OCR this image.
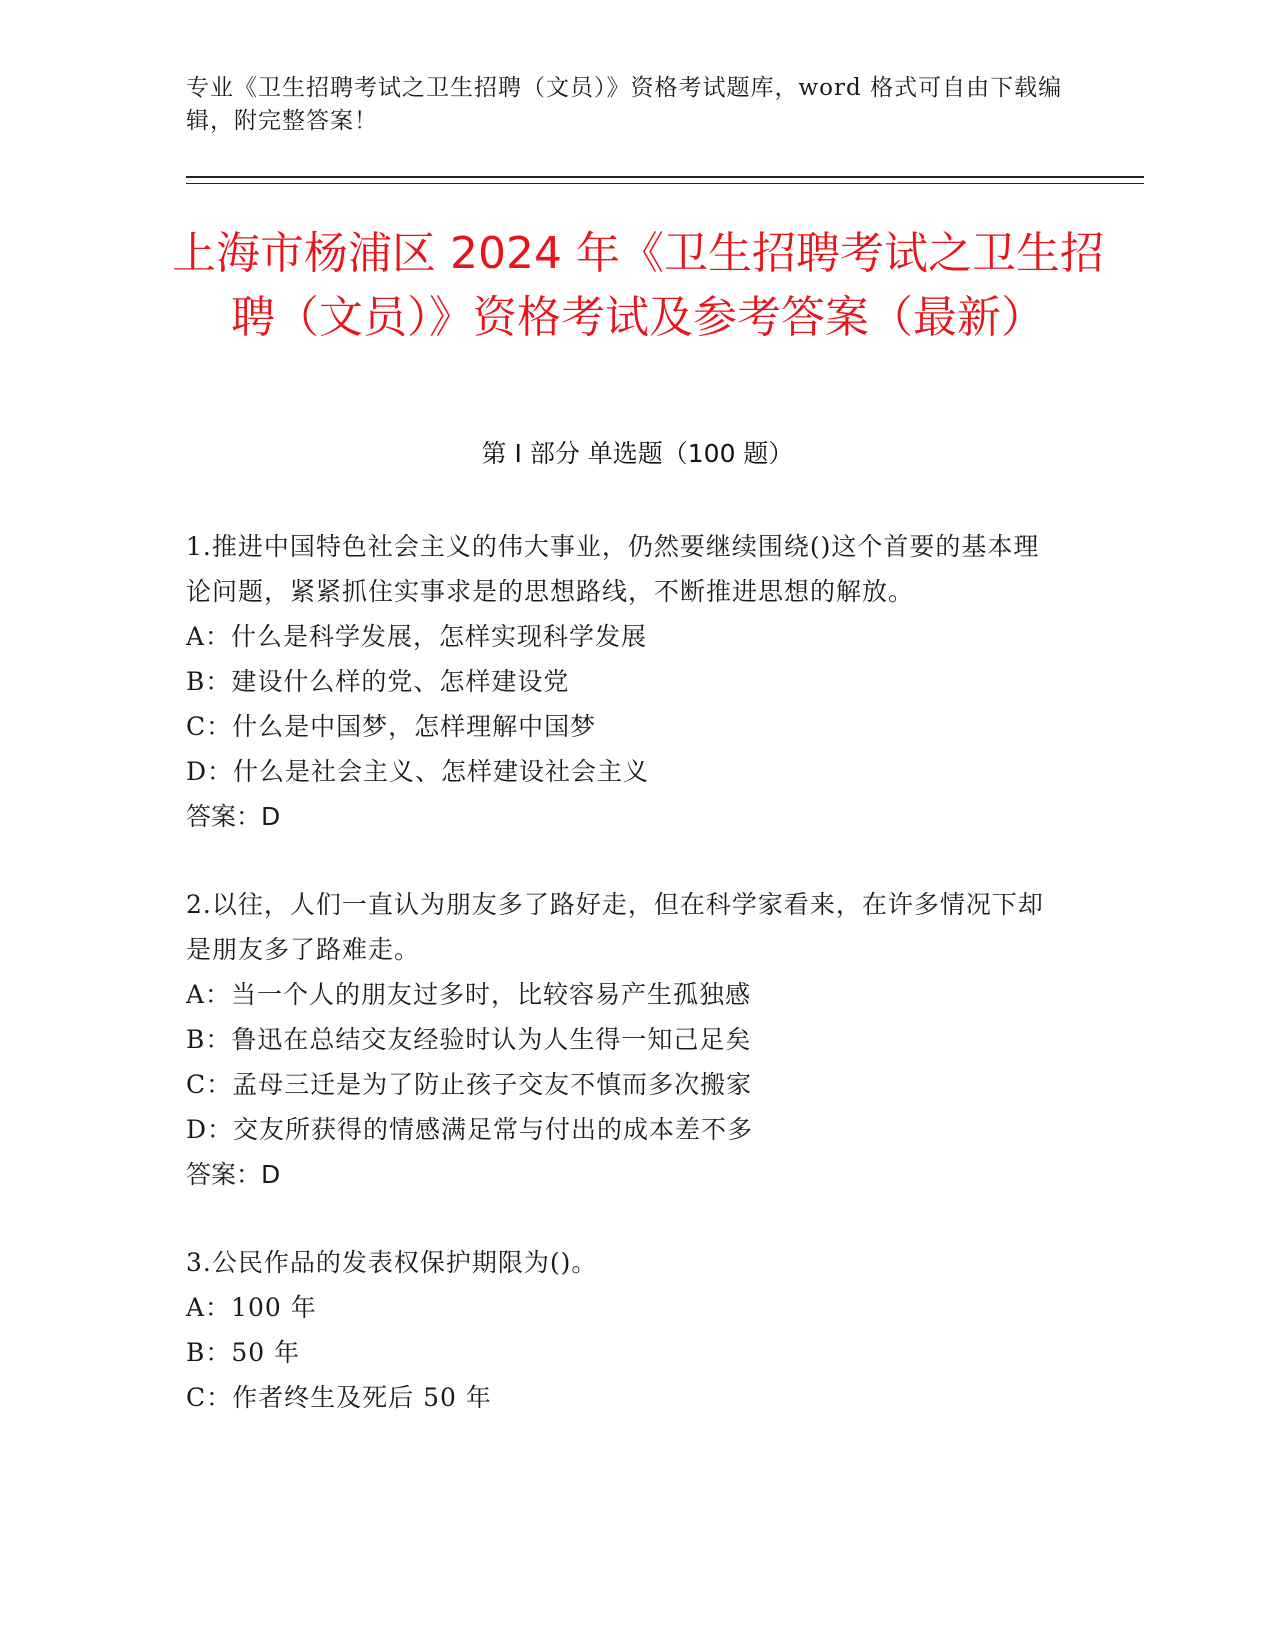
专业《卫生招聘考试之卫生招聘（文员）》资格考试题库，word 格式可自由下载编辑，附完整答案！
上海市杨浦区 2024 年《卫生招聘考试之卫生招聘（文员）》资格考试及参考答案（最新）
第 I 部分 单选题（100 题）

1.推进中国特色社会主义的伟大事业，仍然要继续围绕()这个首要的基本理论问题，紧紧抓住实事求是的思想路线，不断推进思想的解放。

A：什么是科学发展，怎样实现科学发展

B：建设什么样的党、怎样建设党

C：什么是中国梦，怎样理解中国梦

D：什么是社会主义、怎样建设社会主义

答案：D

2.以往，人们一直认为朋友多了路好走，但在科学家看来，在许多情况下却是朋友多了路难走。

A：当一个人的朋友过多时，比较容易产生孤独感

B：鲁迅在总结交友经验时认为人生得一知己足矣

C：孟母三迁是为了防止孩子交友不慎而多次搬家

D：交友所获得的情感满足常与付出的成本差不多

答案：D

3.公民作品的发表权保护期限为()。

A：100 年

B：50 年

C：作者终生及死后 50 年
